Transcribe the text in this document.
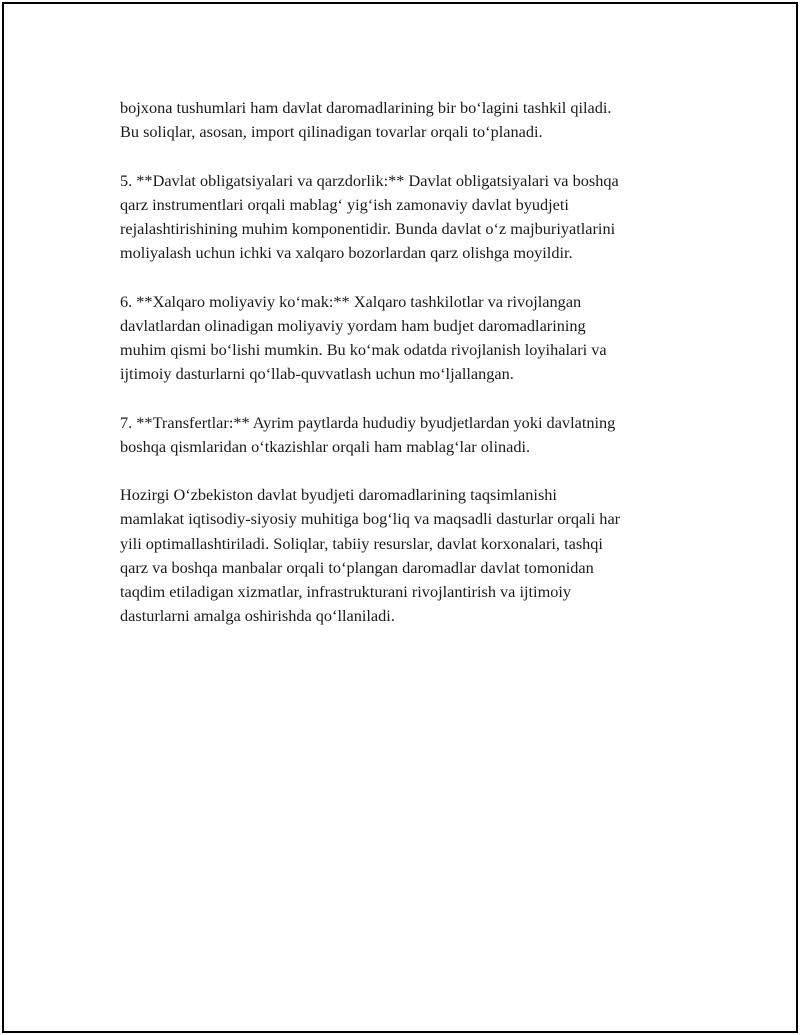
bojxona tushumlari ham davlat daromadlarining bir bo‘lagini tashkil qiladi.
Bu soliqlar, asosan, import qilinadigan tovarlar orqali to‘planadi.

5. **Davlat obligatsiyalari va qarzdorlik:** Davlat obligatsiyalari va boshqa
qarz instrumentlari orqali mablag‘ yig‘ish zamonaviy davlat byudjeti
rejalashtirishining muhim komponentidir. Bunda davlat o‘z majburiyatlarini
moliyalash uchun ichki va xalqaro bozorlardan qarz olishga moyildir.

6. **Xalqaro moliyaviy ko‘mak:** Xalqaro tashkilotlar va rivojlangan
davlatlardan olinadigan moliyaviy yordam ham budjet daromadlarining
muhim qismi bo‘lishi mumkin. Bu ko‘mak odatda rivojlanish loyihalari va
ijtimoiy dasturlarni qo‘llab-quvvatlash uchun mo‘ljallangan.

7. **Transfertlar:** Ayrim paytlarda hududiy byudjetlardan yoki davlatning
boshqa qismlaridan o‘tkazishlar orqali ham mablag‘lar olinadi.

Hozirgi O‘zbekiston davlat byudjeti daromadlarining taqsimlanishi
mamlakat iqtisodiy-siyosiy muhitiga bog‘liq va maqsadli dasturlar orqali har
yili optimallashtiriladi. Soliqlar, tabiiy resurslar, davlat korxonalari, tashqi
qarz va boshqa manbalar orqali to‘plangan daromadlar davlat tomonidan
taqdim etiladigan xizmatlar, infrastrukturani rivojlantirish va ijtimoiy
dasturlarni amalga oshirishda qo‘llaniladi.
